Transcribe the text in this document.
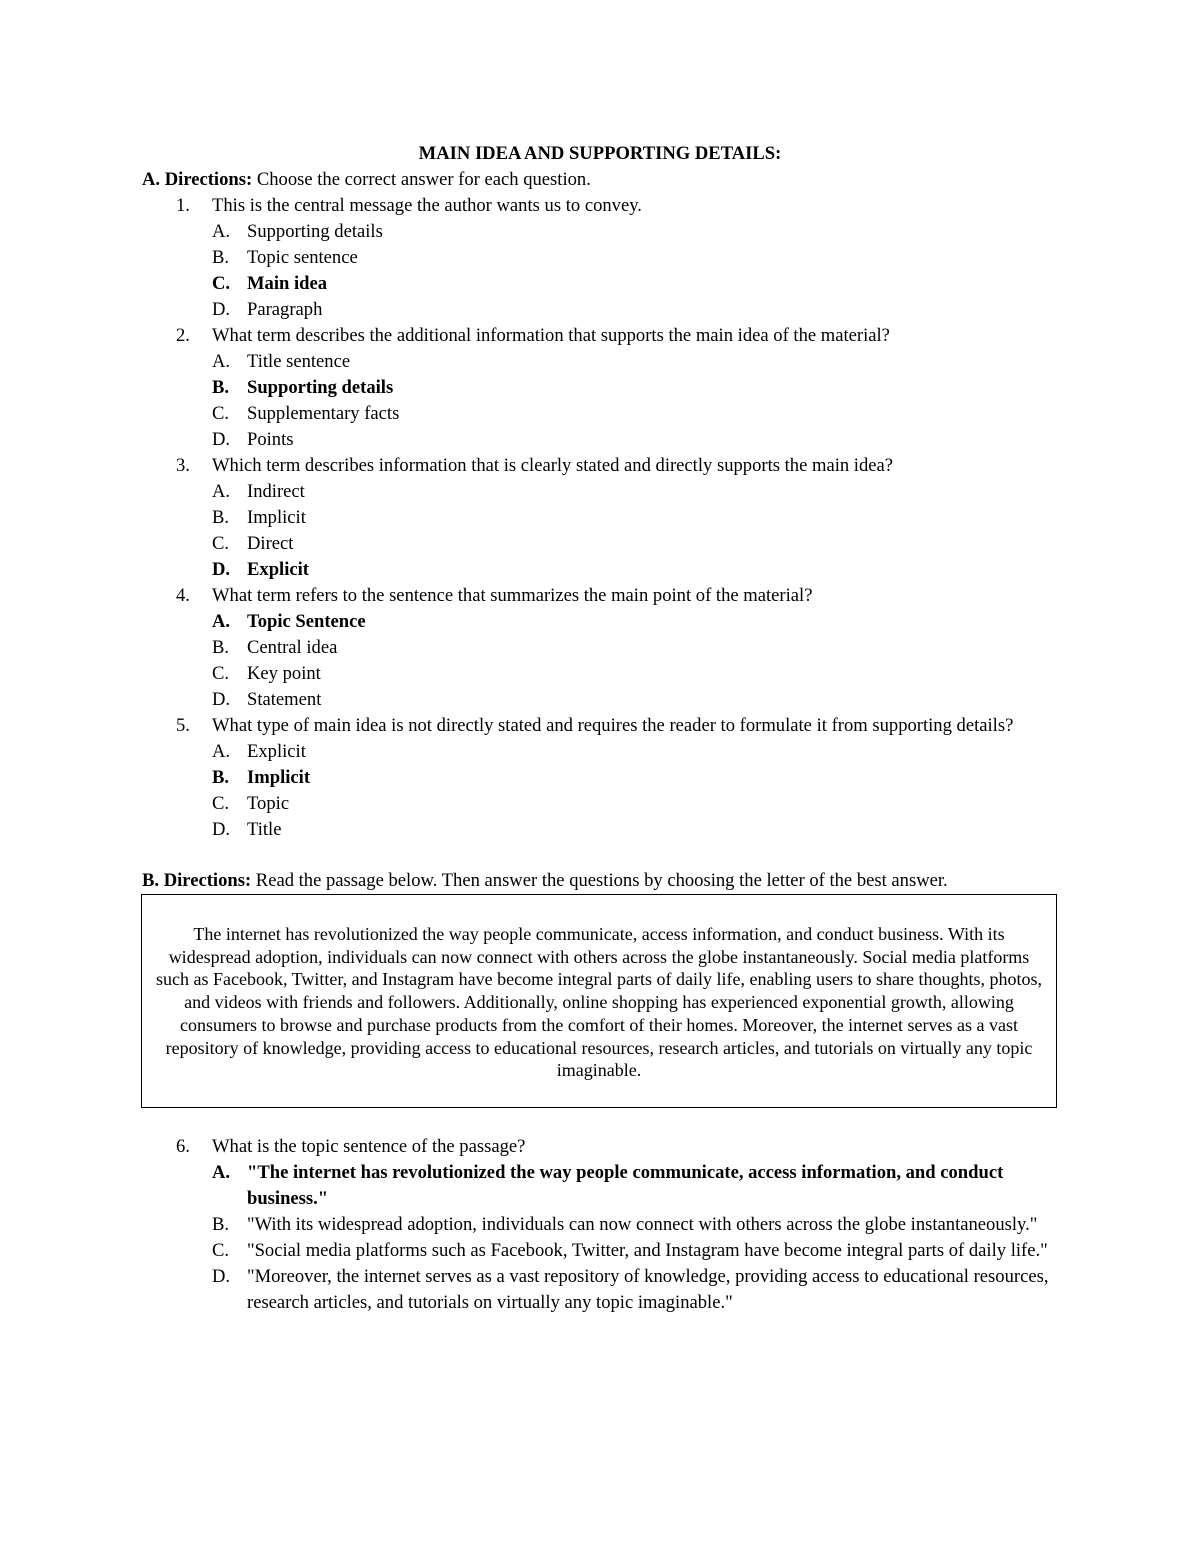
MAIN IDEA AND SUPPORTING DETAILS:

A. Directions: Choose the correct answer for each question.

1. This is the central message the author wants us to convey.

A. Supporting details

B. Topic sentence

C. Main idea

D. Paragraph

2. What term describes the additional information that supports the main idea of the material?

A. Title sentence

B. Supporting details

C. Supplementary facts

D. Points

3. Which term describes information that is clearly stated and directly supports the main idea?

A. Indirect

B. Implicit

C. Direct

D. Explicit

4. What term refers to the sentence that summarizes the main point of the material?

A. Topic Sentence

B. Central idea

C. Key point

D. Statement

5. What type of main idea is not directly stated and requires the reader to formulate it from supporting details?

A. Explicit

B. Implicit

C. Topic

D. Title

B. Directions: Read the passage below. Then answer the questions by choosing the letter of the best answer.

The internet has revolutionized the way people communicate, access information, and conduct business. With its widespread adoption, individuals can now connect with others across the globe instantaneously. Social media platforms such as Facebook, Twitter, and Instagram have become integral parts of daily life, enabling users to share thoughts, photos, and videos with friends and followers. Additionally, online shopping has experienced exponential growth, allowing consumers to browse and purchase products from the comfort of their homes. Moreover, the internet serves as a vast repository of knowledge, providing access to educational resources, research articles, and tutorials on virtually any topic imaginable.

6. What is the topic sentence of the passage?

A. "The internet has revolutionized the way people communicate, access information, and conduct business."

B. "With its widespread adoption, individuals can now connect with others across the globe instantaneously."

C. "Social media platforms such as Facebook, Twitter, and Instagram have become integral parts of daily life."

D. "Moreover, the internet serves as a vast repository of knowledge, providing access to educational resources, research articles, and tutorials on virtually any topic imaginable."
